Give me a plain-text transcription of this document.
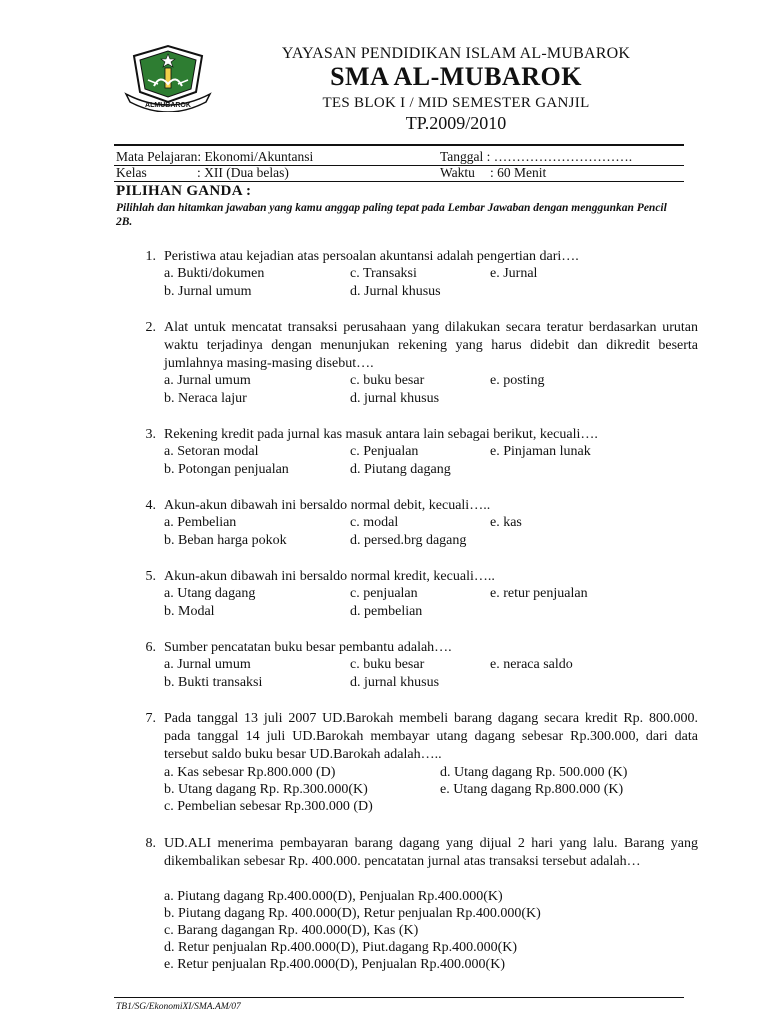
ALMUBAROK
YAYASAN PENDIDIKAN ISLAM AL-MUBAROK
SMA AL-MUBAROK
TES BLOK I / MID SEMESTER GANJIL
TP.2009/2010
Mata Pelajaran: Ekonomi/Akuntansi	Tanggal : ………………………….
Kelas	: XII (Dua belas)	Waktu : 60 Menit
PILIHAN GANDA :
Pilihlah dan hitamkan jawaban yang kamu anggap paling tepat pada Lembar Jawaban dengan menggunkan Pencil 2B.
1. Peristiwa atau kejadian atas persoalan akuntansi adalah pengertian dari….
a. Bukti/dokumen	c. Transaksi	e. Jurnal
b. Jurnal umum	d. Jurnal khusus
2. Alat untuk mencatat transaksi perusahaan yang dilakukan secara teratur berdasarkan urutan waktu terjadinya dengan menunjukan rekening yang harus didebit dan dikredit beserta jumlahnya masing-masing disebut….
a. Jurnal umum	c. buku besar	e. posting
b. Neraca lajur	d. jurnal khusus
3. Rekening kredit pada jurnal kas masuk antara lain sebagai berikut, kecuali….
a. Setoran modal	c. Penjualan	e. Pinjaman lunak
b. Potongan penjualan	d. Piutang dagang
4. Akun-akun dibawah ini bersaldo normal debit, kecuali…..
a. Pembelian	c. modal	e. kas
b. Beban harga pokok	d. persed.brg dagang
5. Akun-akun dibawah ini bersaldo normal kredit, kecuali…..
a. Utang dagang	c. penjualan	e. retur penjualan
b. Modal	d. pembelian
6. Sumber pencatatan buku besar pembantu adalah….
a. Jurnal umum	c. buku besar	e. neraca saldo
b. Bukti transaksi	d. jurnal khusus
7. Pada tanggal 13 juli 2007 UD.Barokah membeli barang dagang secara kredit Rp. 800.000. pada tanggal 14 juli UD.Barokah membayar utang dagang sebesar Rp.300.000, dari data tersebut saldo buku besar UD.Barokah adalah…..
a. Kas sebesar Rp.800.000 (D)	d. Utang dagang Rp. 500.000 (K)
b. Utang dagang Rp. Rp.300.000(K)	e. Utang dagang Rp.800.000 (K)
c. Pembelian sebesar Rp.300.000 (D)
8. UD.ALI menerima pembayaran barang dagang yang dijual 2 hari yang lalu. Barang yang dikembalikan sebesar Rp. 400.000. pencatatan jurnal atas transaksi tersebut adalah…
a. Piutang dagang Rp.400.000(D), Penjualan Rp.400.000(K)
b. Piutang dagang Rp. 400.000(D), Retur penjualan Rp.400.000(K)
c. Barang dagangan Rp. 400.000(D), Kas (K)
d. Retur penjualan Rp.400.000(D), Piut.dagang Rp.400.000(K)
e. Retur penjualan Rp.400.000(D), Penjualan Rp.400.000(K)
TB1/SG/EkonomiXI/SMA.AM/07
